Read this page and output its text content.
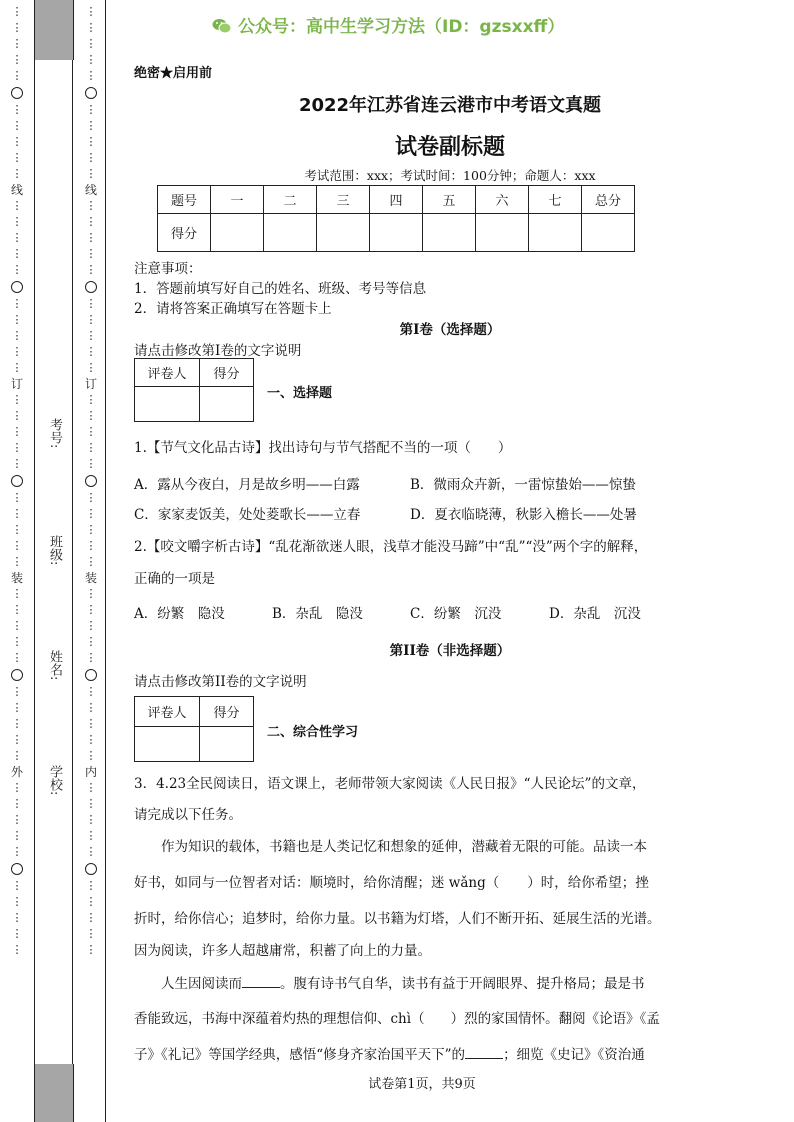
⋮
⋮
⋮
⋮
⋮
⋮
⋮
⋮
⋮
⋮
线
⋮
⋮
⋮
⋮
⋮
⋮
⋮
⋮
⋮
⋮
订
⋮
⋮
⋮
⋮
⋮
⋮
⋮
⋮
⋮
⋮
装
⋮
⋮
⋮
⋮
⋮
⋮
⋮
⋮
⋮
⋮
外
⋮
⋮
⋮
⋮
⋮
⋮
⋮
⋮
⋮
⋮
⋮
⋮
⋮
⋮
⋮
⋮
⋮
⋮
⋮
⋮
线
⋮
⋮
⋮
⋮
⋮
⋮
⋮
⋮
⋮
⋮
订
⋮
⋮
⋮
⋮
⋮
⋮
⋮
⋮
⋮
⋮
装
⋮
⋮
⋮
⋮
⋮
⋮
⋮
⋮
⋮
⋮
内
⋮
⋮
⋮
⋮
⋮
⋮
⋮
⋮
⋮
⋮
考号:
班级:
姓名:
学校:
公众号：高中生学习方法（ID：gzsxxff）
绝密★启用前
2022年江苏省连云港市中考语文真题
试卷副标题
考试范围：xxx；考试时间：100分钟；命题人：xxx
题号	一	二	三	四	五	六	七	总分
得分								
注意事项：
1．答题前填写好自己的姓名、班级、考号等信息
2．请将答案正确填写在答题卡上
第I卷（选择题）
请点击修改第I卷的文字说明
评卷人	得分

一、选择题
1.【节气文化品古诗】找出诗句与节气搭配不当的一项（　　）
A．露从今夜白，月是故乡明——白露	B．微雨众卉新，一雷惊蛰始——惊蛰
C．家家麦饭美，处处菱歌长——立春	D．夏衣临晓薄，秋影入檐长——处暑
2.【咬文嚼字析古诗】“乱花渐欲迷人眼，浅草才能没马蹄”中“乱”“没”两个字的解释，
正确的一项是
A．纷繁　隐没	B．杂乱　隐没	C．纷繁　沉没	D．杂乱　沉没
第II卷（非选择题）
请点击修改第II卷的文字说明
评卷人	得分

二、综合性学习
3．4.23全民阅读日，语文课上，老师带领大家阅读《人民日报》“人民论坛”的文章，
请完成以下任务。
作为知识的载体，书籍也是人类记忆和想象的延伸，潜藏着无限的可能。品读一本
好书，如同与一位智者对话：顺境时，给你清醒；迷 wǎng（ ）时，给你希望；挫
折时，给你信心；追梦时，给你力量。以书籍为灯塔，人们不断开拓、延展生活的光谱。
因为阅读，许多人超越庸常，积蓄了向上的力量。
人生因阅读而	。腹有诗书气自华，读书有益于开阔眼界、提升格局；最是书
香能致远，书海中深蕴着灼热的理想信仰、chì（ ）烈的家国情怀。翻阅《论语》《孟
子》《礼记》等国学经典，感悟“修身齐家治国平天下”的	；细览《史记》《资治通
试卷第1页，共9页
